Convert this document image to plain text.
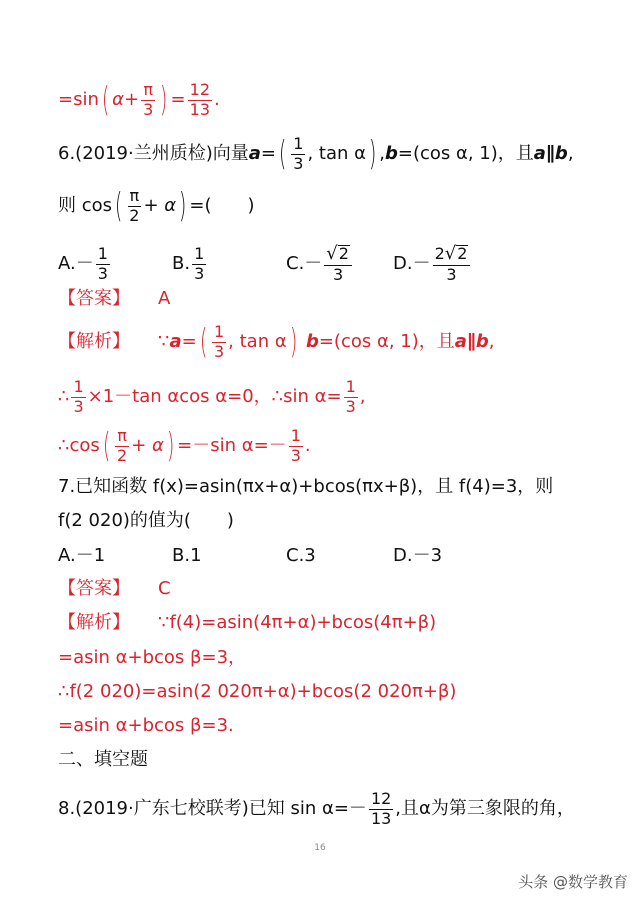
=sin ( $\alpha+ \frac{\pi}{3}$ ) = $\frac{12}{13}$ .
6.(2019·兰州质检)向量 a = ( $\frac{1}{3}$ , tan α ) , b =(cos α, 1)，且 a∥b ,
则 cos ( $\frac{\pi}{2} + \alpha$ ) =(　　)
$A.- \frac{1}{3}$	B. $\frac{1}{3}$	$C.- \frac{√ 2}{3} D.- \frac{2 √ 2}{3}$
【答案】 A
【解析】 ∵ a = ( $\frac{1}{3}$ , tan α ) b =(cos α, 1)，且 a∥b ,
∴ $\frac{1}{3} \times 1-\tan$ αcos α=0，∴sin $\alpha= \frac{1}{3}$ ,
∴cos ( $\frac{\pi}{2} + \alpha$ ) =－sin $\alpha=- \frac{1}{3}$ .
7.已知函数 f(x)=asin(πx+α)+bcos(πx+β)，且 f(4)=3，则
f(2 020)的值为(　　)
A.－1	B.1	C.3	D.－3
【答案】 C
【解析】 ∵f(4)=asin(4π+α)+bcos(4π+β)
=asin α+bcos β=3，
∴f(2 020)=asin(2 020π+α)+bcos(2 020π+β)
=asin α+bcos β=3.
二、填空题
8.(2019·广东七校联考)已知 $\sin \alpha=- \frac{12}{13}$ ,且α为第三象限的角，
16
头条 @数学教育
